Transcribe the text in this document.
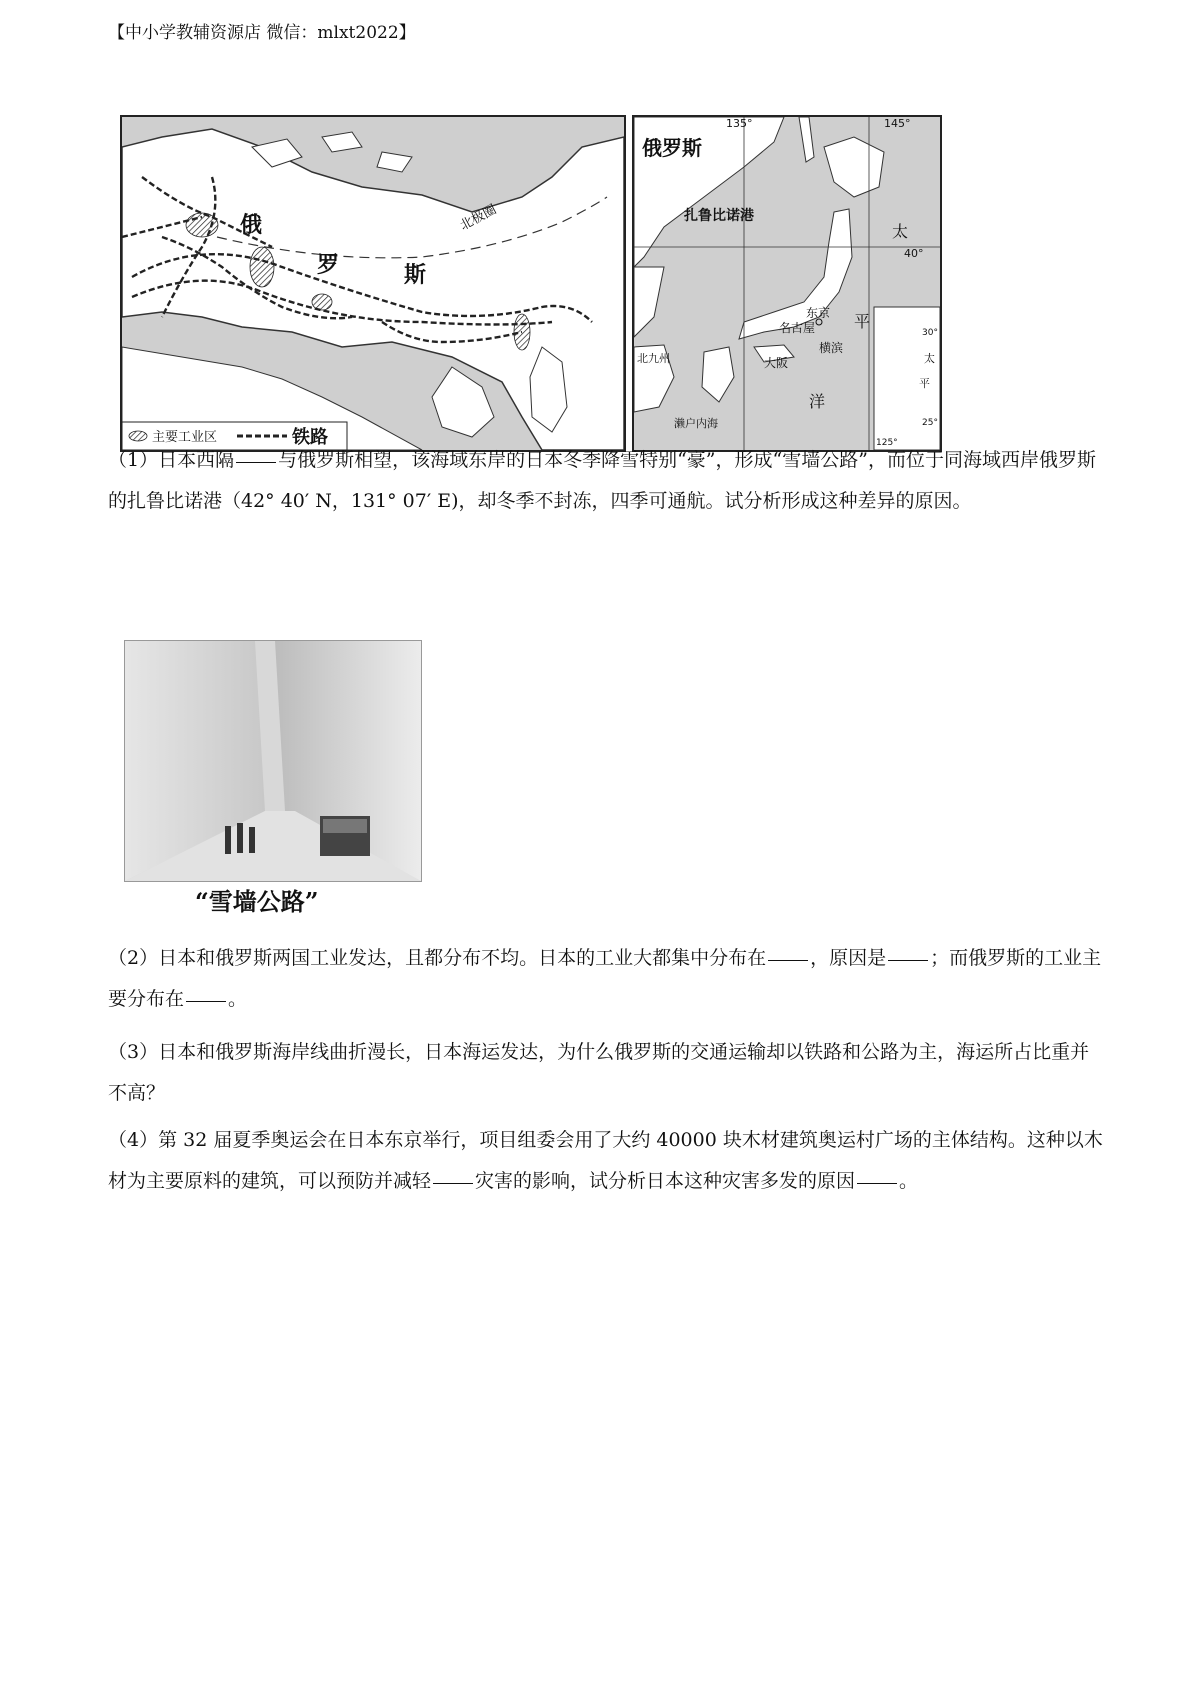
【中小学教辅资源店 微信：mlxt2022】
俄
罗	斯
北极圈
主要工业区	铁路
俄罗斯
扎鲁比诺港
135°	145°
40°
太
平
洋
东京
名古屋
横滨
大阪
北九州
濑户内海
30°
25°
125°
太
平
（1）日本西隔 与俄罗斯相望，该海域东岸的日本冬季降雪特别“豪”，形成“雪墙公路”，而位于同海域西岸俄罗斯的扎鲁比诺港（42° 40′ N，131° 07′ E)，却冬季不封冻，四季可通航。试分析形成这种差异的原因。
“雪墙公路”
（2）日本和俄罗斯两国工业发达，且都分布不均。日本的工业大都集中分布在 ，原因是 ；而俄罗斯的工业主要分布在 。
（3）日本和俄罗斯海岸线曲折漫长，日本海运发达，为什么俄罗斯的交通运输却以铁路和公路为主，海运所占比重并不高？
（4）第 32 届夏季奥运会在日本东京举行，项目组委会用了大约 40000 块木材建筑奥运村广场的主体结构。这种以木材为主要原料的建筑，可以预防并减轻 灾害的影响，试分析日本这种灾害多发的原因 。
